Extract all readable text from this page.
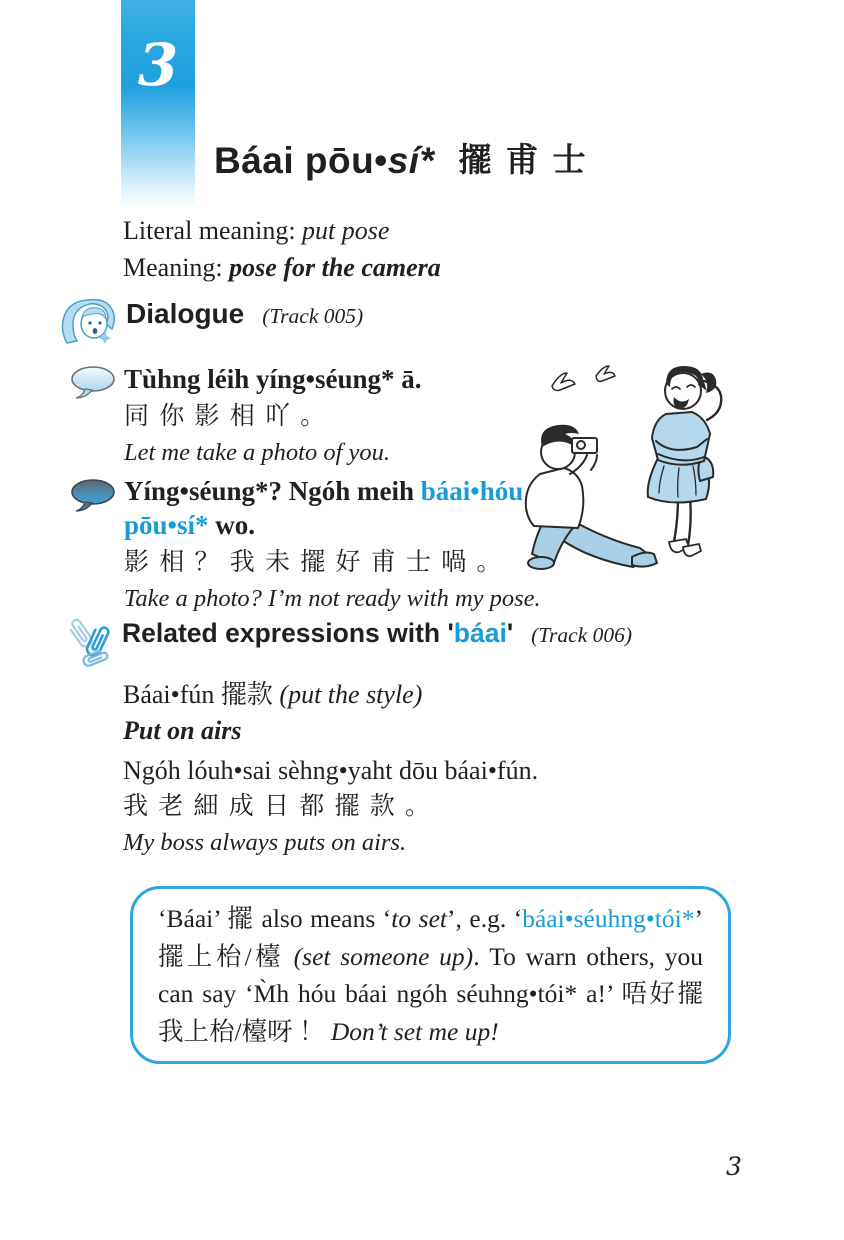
3
Báai pōu•sí* 擺甫士
Literal meaning: put pose
Meaning: pose for the camera
Dialogue (Track 005)

Tùhng léih yíng•séung* ā.

同 你 影 相 吖 。

Let me take a photo of you.

Yíng•séung*? Ngóh meih báai•hóu
pōu•sí* wo.

影 相 ？ 我 未 擺 好 甫 士 喎 。

Take a photo? I’m not ready with my pose.

Related expressions with 'báai' (Track 006)
Báai•fún 擺款 (put the style)
Put on airs

Ngóh lóuh•sai sèhng•yaht dōu báai•fún.

我 老 細 成 日 都 擺 款 。

My boss always puts on airs.

‘Báai’ 擺 also means ‘to set’, e.g. ‘báai•séuhng•tói*’ 擺上枱/檯 (set someone up). To warn others, you can say ‘M̀h hóu báai ngóh séuhng•tói* a!’ 唔好擺我上枱/檯呀 ！ Don’t set me up!
3
